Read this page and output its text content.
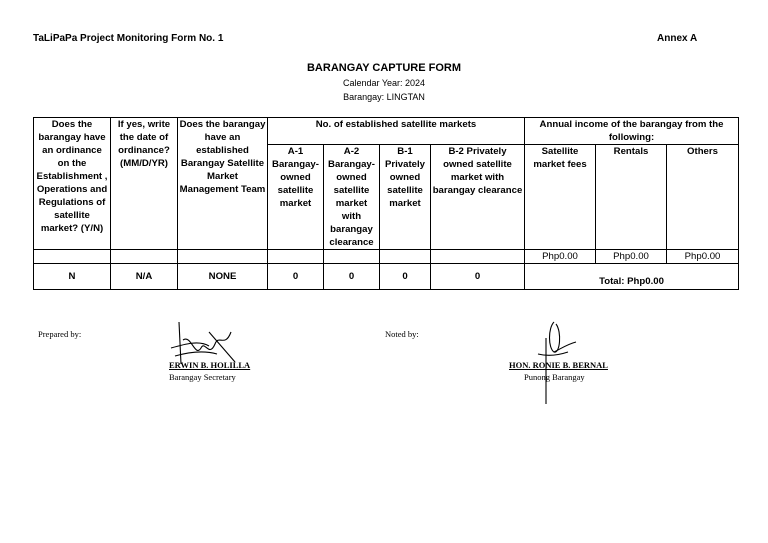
TaLiPaPa Project Monitoring Form No. 1	Annex A
BARANGAY CAPTURE FORM
Calendar Year: 2024
Barangay: LINGTAN
Does the barangay have an ordinance on the Establishment , Operations and Regulations of satellite market? (Y/N)	If yes, write the date of ordinance? (MM/D/YR)	Does the barangay have an established Barangay Satellite Market Management Team	No. of established satellite markets				Annual income of the barangay from the following:		
			A-1 Barangay-owned satellite market	A-2 Barangay-owned satellite market with barangay clearance	B-1 Privately owned satellite market	B-2 Privately owned satellite market with barangay clearance	Satellite market fees	Rentals	Others
							Php0.00	Php0.00	Php0.00
N	N/A	NONE	0	0	0	0	Total: Php0.00		
Prepared by:
ERWIN B. HOLILLA
Barangay Secretary
Noted by:
HON. RONIE B. BERNAL
Punong Barangay
